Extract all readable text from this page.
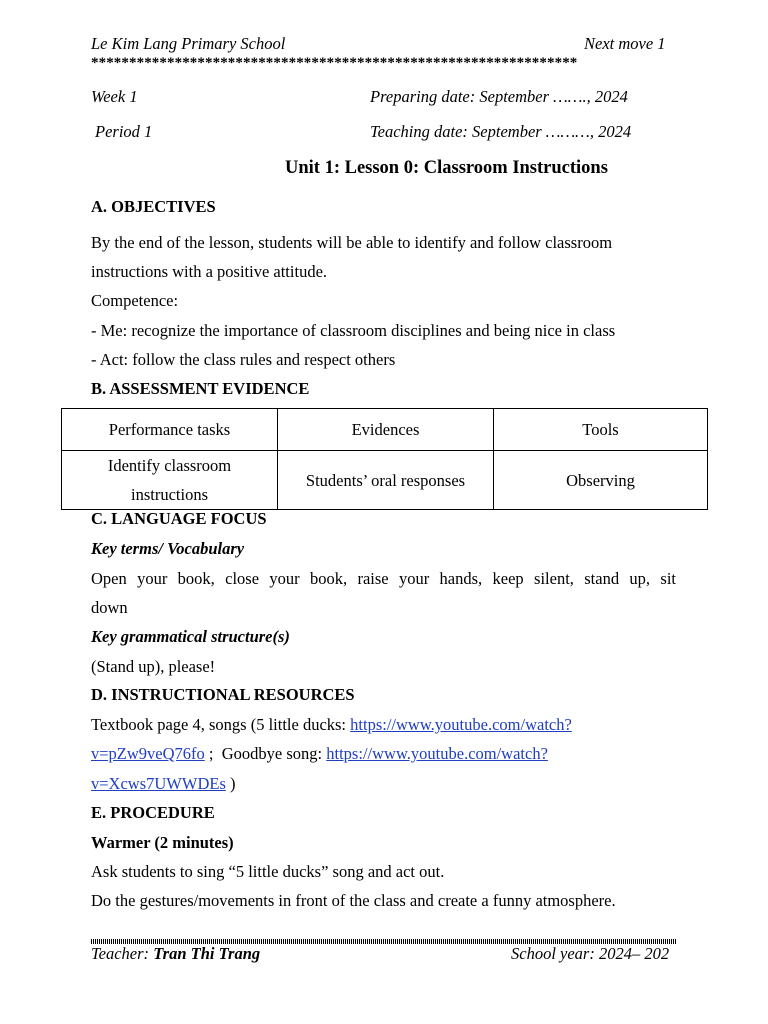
Le Kim Lang Primary School	Next move 1
****************************************************************
Week 1	Preparing date: September ……., 2024
Period 1	Teaching date: September ………, 2024
Unit 1: Lesson 0: Classroom Instructions
A. OBJECTIVES
By the end of the lesson, students will be able to identify and follow classroom
instructions with a positive attitude.
Competence:
- Me: recognize the importance of classroom disciplines and being nice in class
- Act: follow the class rules and respect others
B. ASSESSMENT EVIDENCE
Performance tasks	Evidences	Tools

Identify classroom
instructions	Students’ oral responses	Observing
C. LANGUAGE FOCUS
Key terms/ Vocabulary
Open your book, close your book, raise your hands, keep silent, stand up, sit
down
Key grammatical structure(s)
(Stand up), please!
D. INSTRUCTIONAL RESOURCES
Textbook page 4, songs (5 little ducks: https://www.youtube.com/watch?
v=pZw9veQ76fo ;  Goodbye song: https://www.youtube.com/watch?
v=Xcws7UWWDEs )
E. PROCEDURE
Warmer (2 minutes)
Ask students to sing “5 little ducks” song and act out.
Do the gestures/movements in front of the class and create a funny atmosphere.
Teacher: Tran Thi Trang	School year: 2024– 202
